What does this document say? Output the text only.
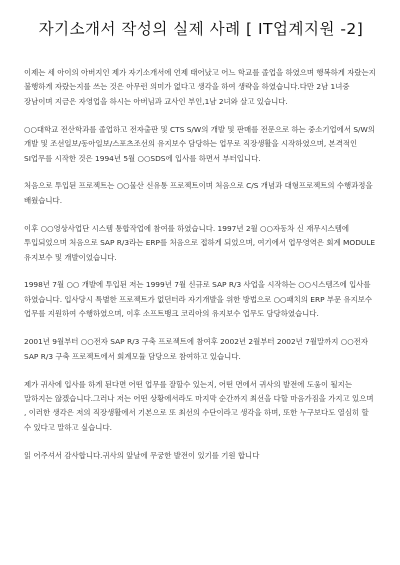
자기소개서 작성의 실제 사례 [ IT업계지원 -2]

이제는 세 아이의 아버지인 제가 자기소개서에 언제 태어났고 어느 학교를 졸업을 하였으며 행복하게 자랐는지 불행하게 자랐는지를 쓰는 것은 아무런 의미가 없다고 생각을 하여 생략을 하였습니다.다만 2남 1녀중 장남이며 지금은 자영업을 하시는 아버님과 교사인 부인,1남 2녀와 살고 있습니다.

○○대학교 전산학과를 졸업하고 전자출판 및 CTS S/W의 개발 및 판매를 전문으로 하는 중소기업에서 S/W의 개발 및 조선일보/동아일보/스포츠조선의 유지보수 담당하는 업무로 직장생활을 시작하였으며, 본격적인 SI업무를 시작한 것은 1994년 5월 ○○SDS에 입사를 하면서 부터입니다.

처음으로 투입된 프로젝트는 ○○물산 신유통 프로젝트이며 처음으로 C/S 개념과 대형프로젝트의 수행과정을 배웠습니다.

이후 ○○영상사업단 시스템 통합작업에 참여를 하였습니다. 1997년 2월 ○○자동차 신 재무시스템에 투입되었으며 처음으로 SAP R/3라는 ERP를 처음으로 접하게 되었으며, 여기에서 업무영역은 회계 MODULE 유지보수 및 개발이었습니다.

1998년 7월 ○○ 개발에 투입된 저는 1999년 7월 신규로 SAP R/3 사업을 시작하는 ○○시스템즈에 입사를 하였습니다. 입사당시 특별한 프로젝트가 없던터라 자기개발을 위한 방법으로 ○○패치의 ERP 부문 유지보수 업무를 지원하여 수행하였으며, 이후 소프트뱅크 코리아의 유지보수 업무도 담당하였습니다.

2001년 9월부터 ○○전자 SAP R/3 구축 프로젝트에 참여후 2002년 2월부터 2002년 7월말까지 ○○전자 SAP R/3 구축 프로젝트에서 회계모듈 담당으로 참여하고 있습니다.

제가 귀사에 입사를 하게 된다면 어떤 업무를 잘할수 있는지, 어떤 면에서 귀사의 발전에 도움이 될지는 말하지는 않겠습니다.그러나 저는 어떤 상황에서라도 마지막 순간까지 최선을 다할 마음가짐을 가지고 있으며 , 이러한 생각은 저의 직장생활에서 기본으로 또 최선의 수단이라고 생각을 하며, 또한 누구보다도 열심히 할 수 있다고 말하고 싶습니다.

읽 어주셔서 감사합니다.귀사의 앞날에 무궁한 발전이 있기를 기원 합니다
